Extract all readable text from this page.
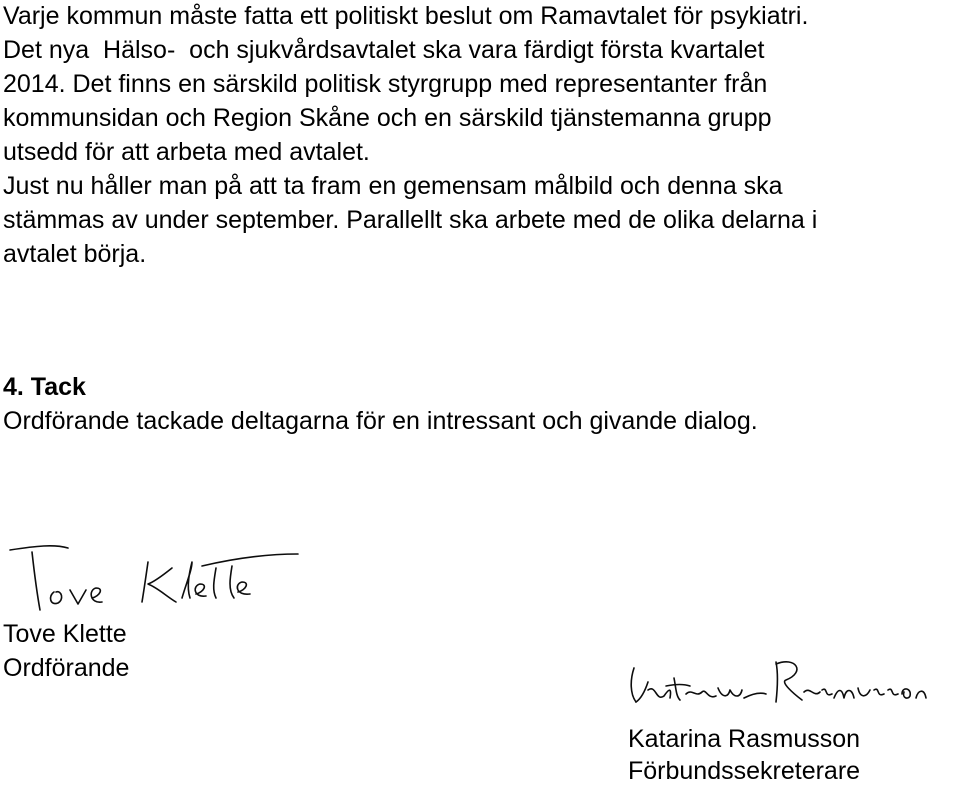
Varje kommun måste fatta ett politiskt beslut om Ramavtalet för psykiatri.
Det nya  Hälso-  och sjukvårdsavtalet ska vara färdigt första kvartalet
2014. Det finns en särskild politisk styrgrupp med representanter från
kommunsidan och Region Skåne och en särskild tjänstemanna grupp
utsedd för att arbeta med avtalet.
Just nu håller man på att ta fram en gemensam målbild och denna ska
stämmas av under september. Parallellt ska arbete med de olika delarna i
avtalet börja.
4. Tack
Ordförande tackade deltagarna för en intressant och givande dialog.
Tove Klette
Ordförande
Katarina Rasmusson
Förbundssekreterare
